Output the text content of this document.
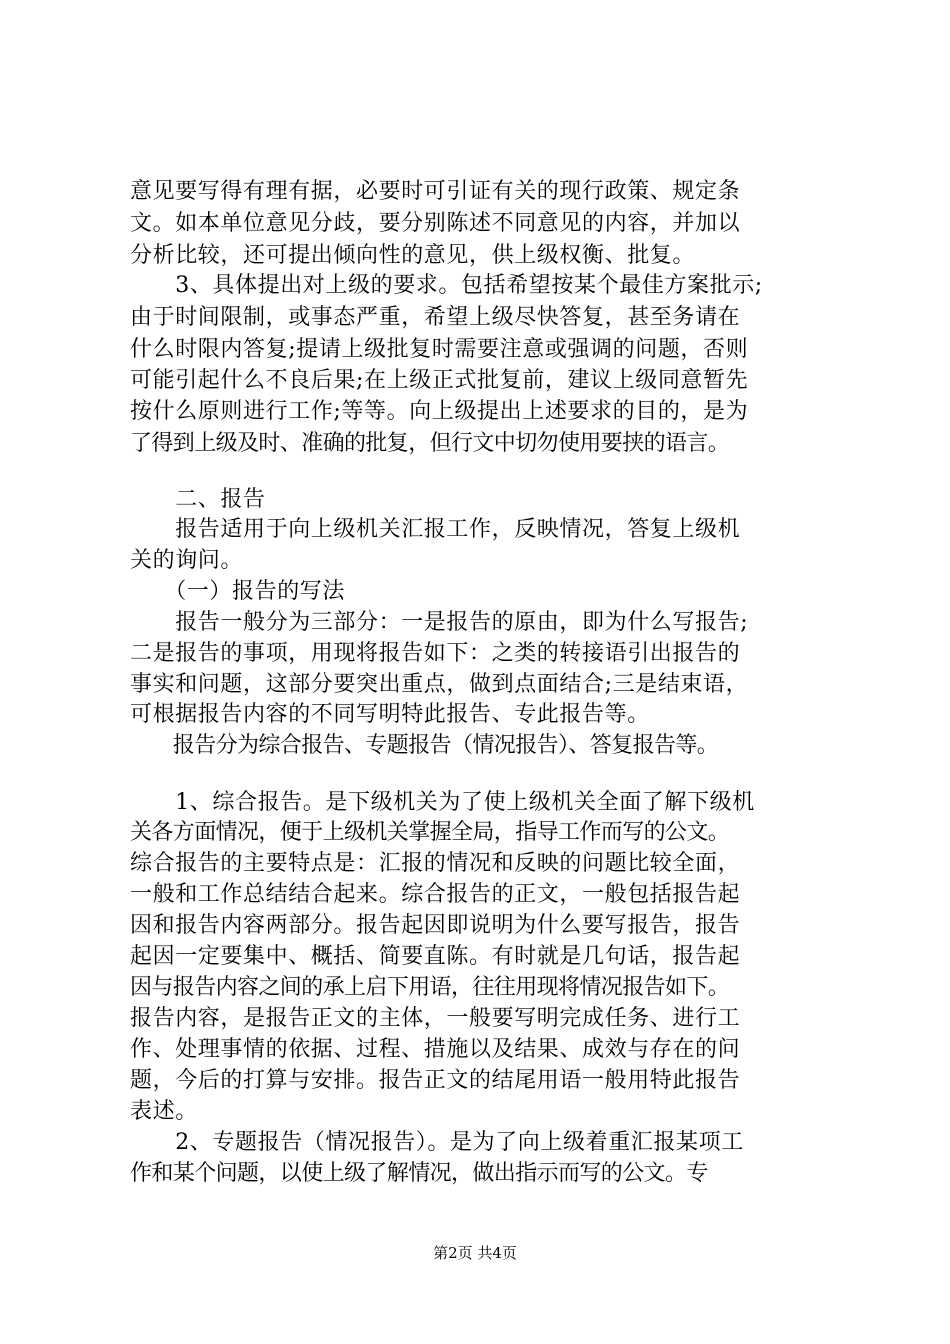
意见要写得有理有据，必要时可引证有关的现行政策、规定条
文。如本单位意见分歧，要分别陈述不同意见的内容，并加以
分析比较，还可提出倾向性的意见，供上级权衡、批复。
　　3、具体提出对上级的要求。包括希望按某个最佳方案批示;
由于时间限制，或事态严重，希望上级尽快答复，甚至务请在
什么时限内答复;提请上级批复时需要注意或强调的问题，否则
可能引起什么不良后果;在上级正式批复前，建议上级同意暂先
按什么原则进行工作;等等。向上级提出上述要求的目的，是为
了得到上级及时、准确的批复，但行文中切勿使用要挟的语言。
　　二、报告
　　报告适用于向上级机关汇报工作，反映情况，答复上级机
关的询问。
　　（一）报告的写法
　　报告一般分为三部分：一是报告的原由，即为什么写报告;
二是报告的事项，用现将报告如下：之类的转接语引出报告的
事实和问题，这部分要突出重点，做到点面结合;三是结束语，
可根据报告内容的不同写明特此报告、专此报告等。
　　报告分为综合报告、专题报告（情况报告）、答复报告等。
　　1、综合报告。是下级机关为了使上级机关全面了解下级机
关各方面情况，便于上级机关掌握全局，指导工作而写的公文。
综合报告的主要特点是：汇报的情况和反映的问题比较全面，
一般和工作总结结合起来。综合报告的正文，一般包括报告起
因和报告内容两部分。报告起因即说明为什么要写报告，报告
起因一定要集中、概括、简要直陈。有时就是几句话，报告起
因与报告内容之间的承上启下用语，往往用现将情况报告如下。
报告内容，是报告正文的主体，一般要写明完成任务、进行工
作、处理事情的依据、过程、措施以及结果、成效与存在的问
题，今后的打算与安排。报告正文的结尾用语一般用特此报告
表述。
　　2、专题报告（情况报告）。是为了向上级着重汇报某项工
作和某个问题，以使上级了解情况，做出指示而写的公文。专
第2页 共4页
